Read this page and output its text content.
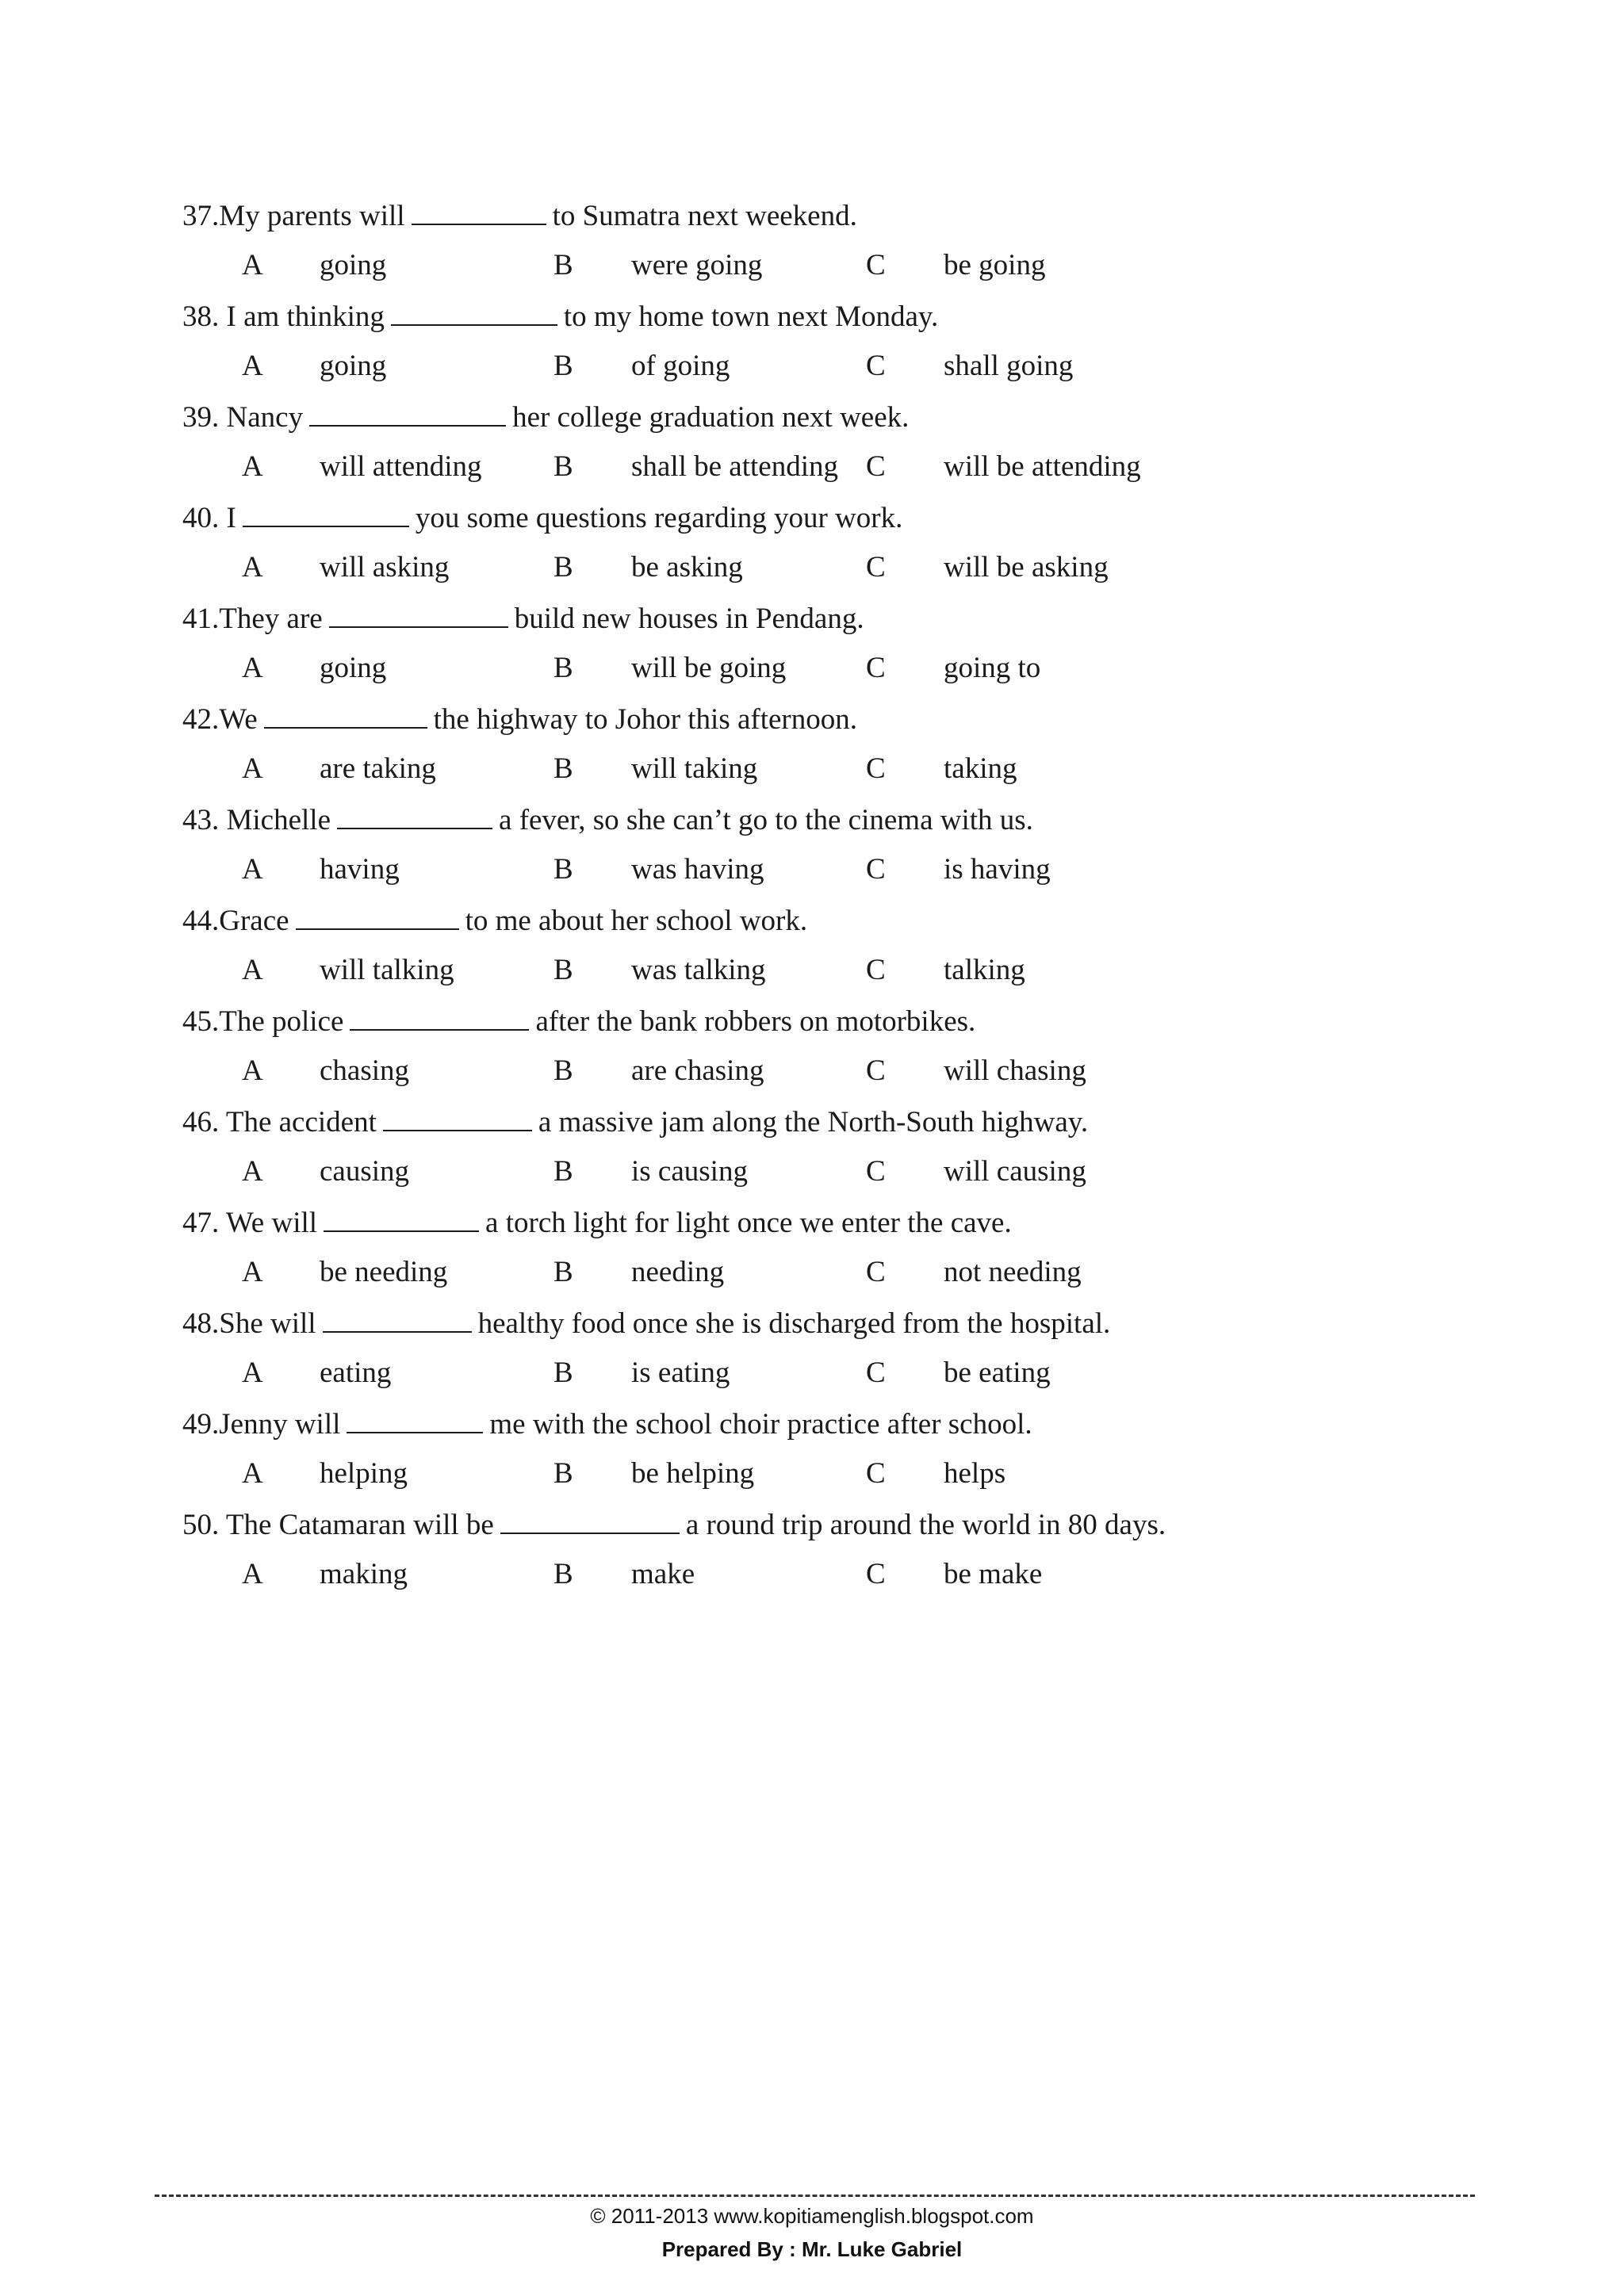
37.My parents will	to Sumatra next weekend.
A going	B were going	C be going
38. I am thinking	to my home town next Monday.
A going	B of going	C shall going
39. Nancy	her college graduation next week.
A will attending B shall be attending C will be attending
40. I	you some questions regarding your work.
A will asking	B be asking	C will be asking
41.They are	build new houses in Pendang.
A going	B will be going	C going to
42.We	the highway to Johor this afternoon.
A are taking	B will taking	C taking
43. Michelle	a fever, so she can’t go to the cinema with us.
A having	B was having	C is having
44.Grace	to me about her school work.
A will talking	B was talking	C talking
45.The police	after the bank robbers on motorbikes.
A chasing	B are chasing	C will chasing
46. The accident	a massive jam along the North-South highway.
A causing	B is causing	C will causing
47. We will	a torch light for light once we enter the cave.
A be needing	B needing	C not needing
48.She will	healthy food once she is discharged from the hospital.
A eating	B is eating	C be eating
49.Jenny will	me with the school choir practice after school.
A helping	B be helping	C helps
50. The Catamaran will be	a round trip around the world in 80 days.
A making	B make	C be make
© 2011-2013 www.kopitiamenglish.blogspot.com
Prepared By : Mr. Luke Gabriel
